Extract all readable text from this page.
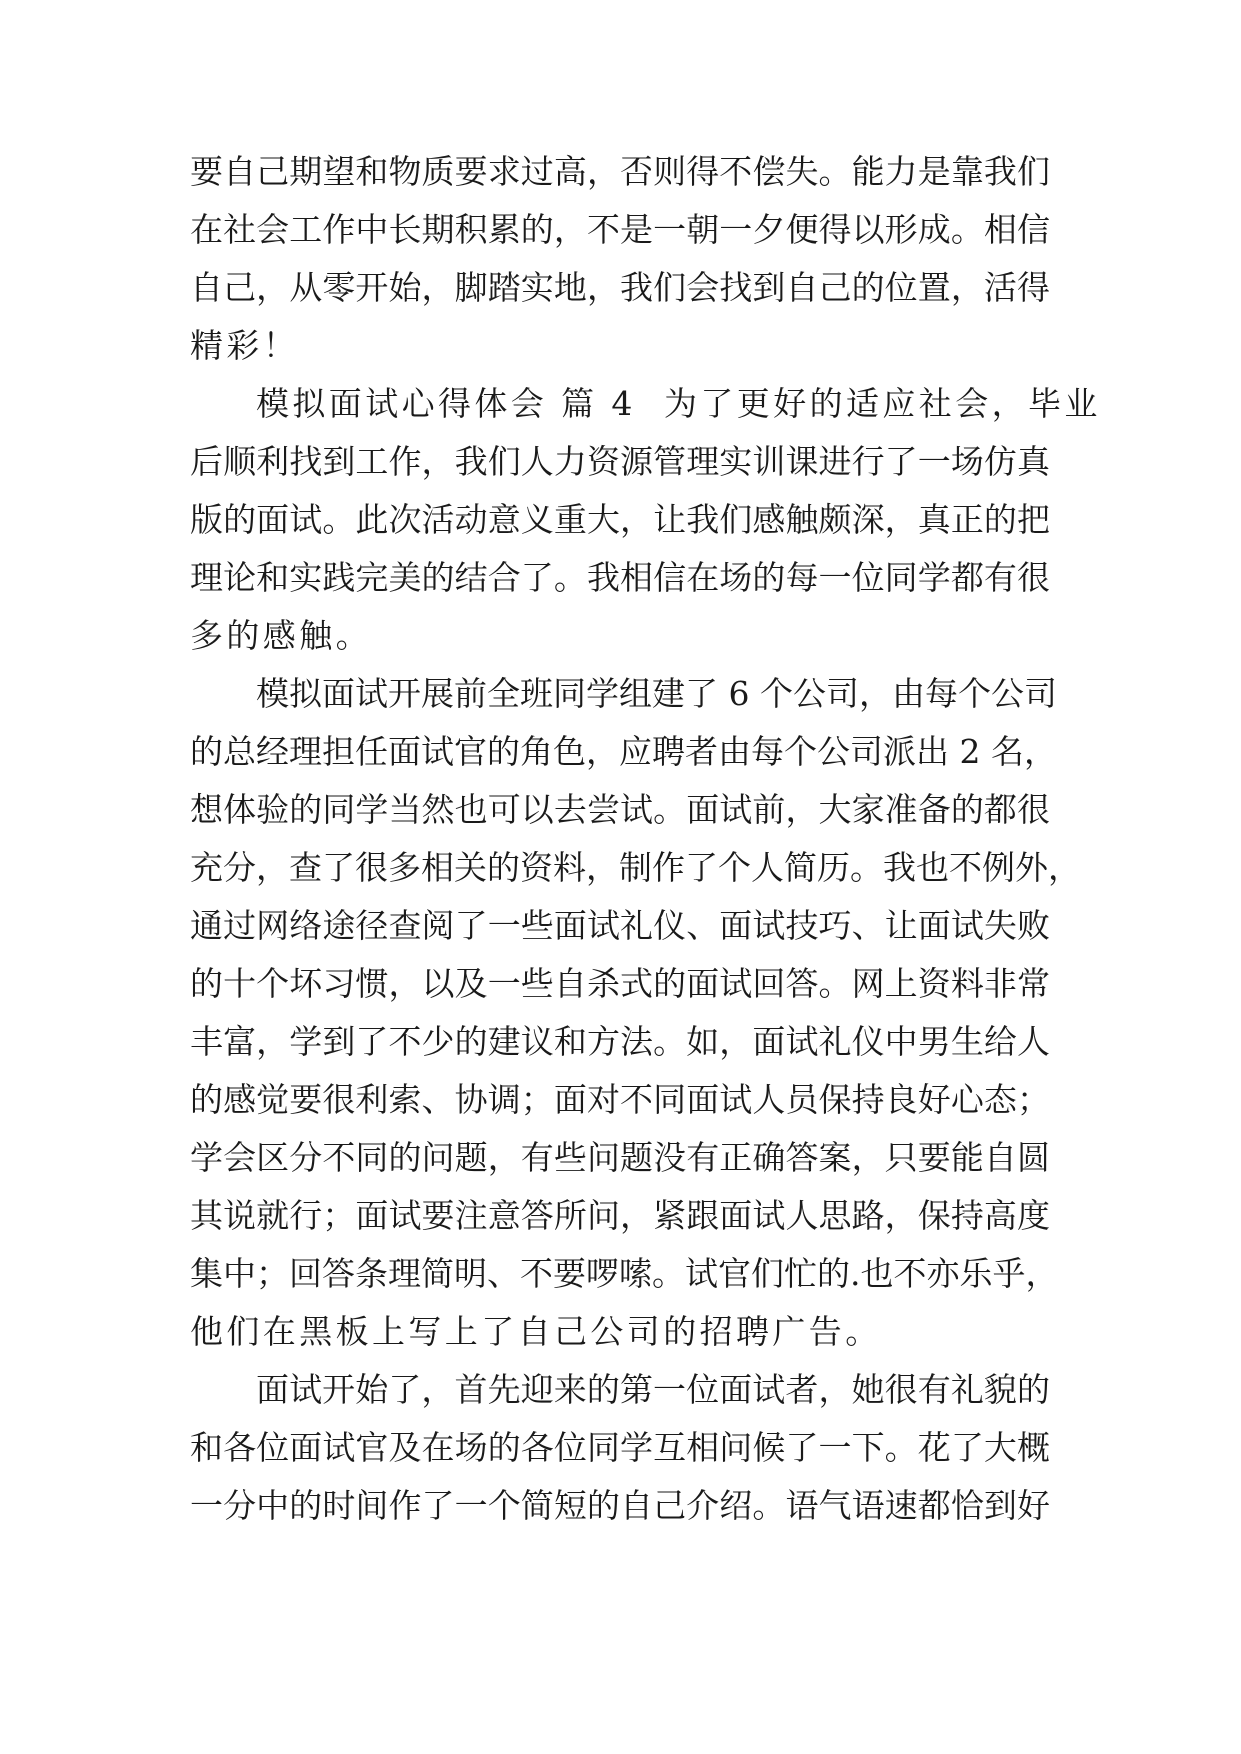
要自己期望和物质要求过高，否则得不偿失。能力是靠我们
在社会工作中长期积累的，不是一朝一夕便得以形成。相信
自己，从零开始，脚踏实地，我们会找到自己的位置，活得
精彩！
模拟面试心得体会 篇 4 为了更好的适应社会，毕业
后顺利找到工作，我们人力资源管理实训课进行了一场仿真
版的面试。此次活动意义重大，让我们感触颇深，真正的把
理论和实践完美的结合了。我相信在场的每一位同学都有很
多的感触。
模拟面试开展前全班同学组建了 6 个公司，由每个公司
的总经理担任面试官的角色，应聘者由每个公司派出 2 名，
想体验的同学当然也可以去尝试。面试前，大家准备的都很
充分，查了很多相关的资料，制作了个人简历。我也不例外，
通过网络途径查阅了一些面试礼仪、面试技巧、让面试失败
的十个坏习惯，以及一些自杀式的面试回答。网上资料非常
丰富，学到了不少的建议和方法。如，面试礼仪中男生给人
的感觉要很利索、协调；面对不同面试人员保持良好心态；
学会区分不同的问题，有些问题没有正确答案，只要能自圆
其说就行；面试要注意答所问，紧跟面试人思路，保持高度
集中；回答条理简明、不要啰嗦。试官们忙的.也不亦乐乎，
他们在黑板上写上了自己公司的招聘广告。
面试开始了，首先迎来的第一位面试者，她很有礼貌的
和各位面试官及在场的各位同学互相问候了一下。花了大概
一分中的时间作了一个简短的自己介绍。语气语速都恰到好
